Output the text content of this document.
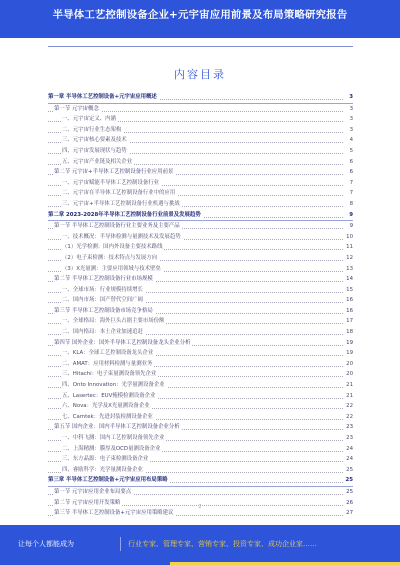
半导体工艺控制设备企业+元宇宙应用前景及布局策略研究报告
内容目录
第一章 半导体工艺控制设备+元宇宙应用概述	3
第一节 元宇宙概念	3
一、元宇宙定义、内涵	3
二、元宇宙行业生态架构	3
三、元宇宙核心要素及技术	4
四、元宇宙发展现状与趋势	5
五、元宇宙产业链及相关企业	6
第二节 元宇宙+半导体工艺控制设备行业应用前景	6
一、元宇宙赋能半导体工艺控制设备行业	7
二、元宇宙在半导体工艺控制设备行业中的应用	7
三、元宇宙+半导体工艺控制设备行业机遇与挑战	8
第二章 2023-2028年半导体工艺控制设备行业前景及发展趋势	9
第一节 半导体工艺控制设备行业主要业务及主要产品	9
一、技术概况：半导体检测与量测技术及发展趋势	10
（1）光学检测：国内外设备主要技术路线	11
（2）电子束检测：技术特点与发展方向	12
（3）X光量测：主要应用领域与技术壁垒	13
第二节 半导体工艺控制设备行业市场规模	14
一、全球市场：行业规模持续增长	15
二、国内市场：国产替代空间广阔	16
第三节 半导体工艺控制设备市场竞争格局	16
一、全球格局：海外巨头占据主要市场份额	17
二、国内格局：本土企业加速追赶	18
第四节 国外企业：国外半导体工艺控制设备龙头企业分析	19
一、KLA：全球工艺控制设备龙头企业	19
二、AMAT：应用材料检测与量测业务	20
三、Hitachi：电子束量测设备领先企业	20
四、Onto Innovation：光学量测设备企业	21
五、Lasertec：EUV掩模检测设备企业	21
六、Nova：光学及X光量测设备企业	22
七、Camtek：先进封装检测设备企业	22
第五节 国内企业：国内半导体工艺控制设备企业分析	23
一、中科飞测：国内工艺控制设备领先企业	23
二、上海精测：膜厚及OCD量测设备企业	24
三、东方晶源：电子束检测设备企业	24
四、睿励科学：光学量测设备企业	25
第三章 半导体工艺控制设备+元宇宙应用布局策略	25
第一节 元宇宙应用企业布局要点	25
第二节 元宇宙应用开发策略	26
第三节 半导体工艺控制设备+元宇宙应用策略建议	27
2
让每个人都能成为	行业专家、管理专家、营销专家、投资专家、成功企业家……
